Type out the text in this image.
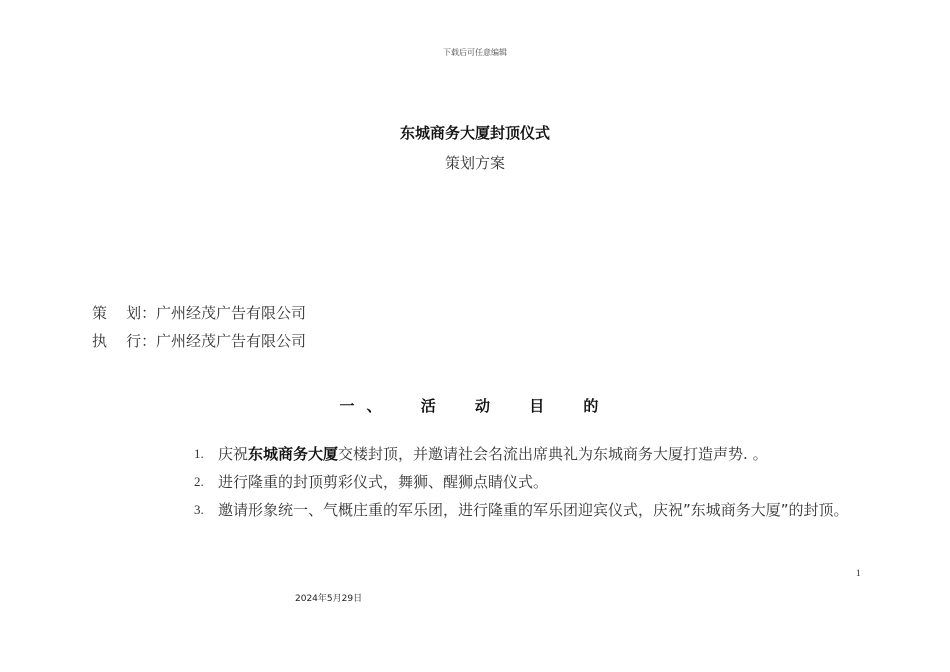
下载后可任意编辑
东城商务大厦封顶仪式
策划方案
策 划：广州经茂广告有限公司
执 行：广州经茂广告有限公司
一、 活 动 目 的
1. 庆祝东城商务大厦交楼封顶，并邀请社会名流出席典礼为东城商务大厦打造声势. 。
2. 进行隆重的封顶剪彩仪式，舞狮、醒狮点睛仪式。
3. 邀请形象统一、气概庄重的军乐团，进行隆重的军乐团迎宾仪式，庆祝”东城商务大厦”的封顶。
1
2024年5月29日
